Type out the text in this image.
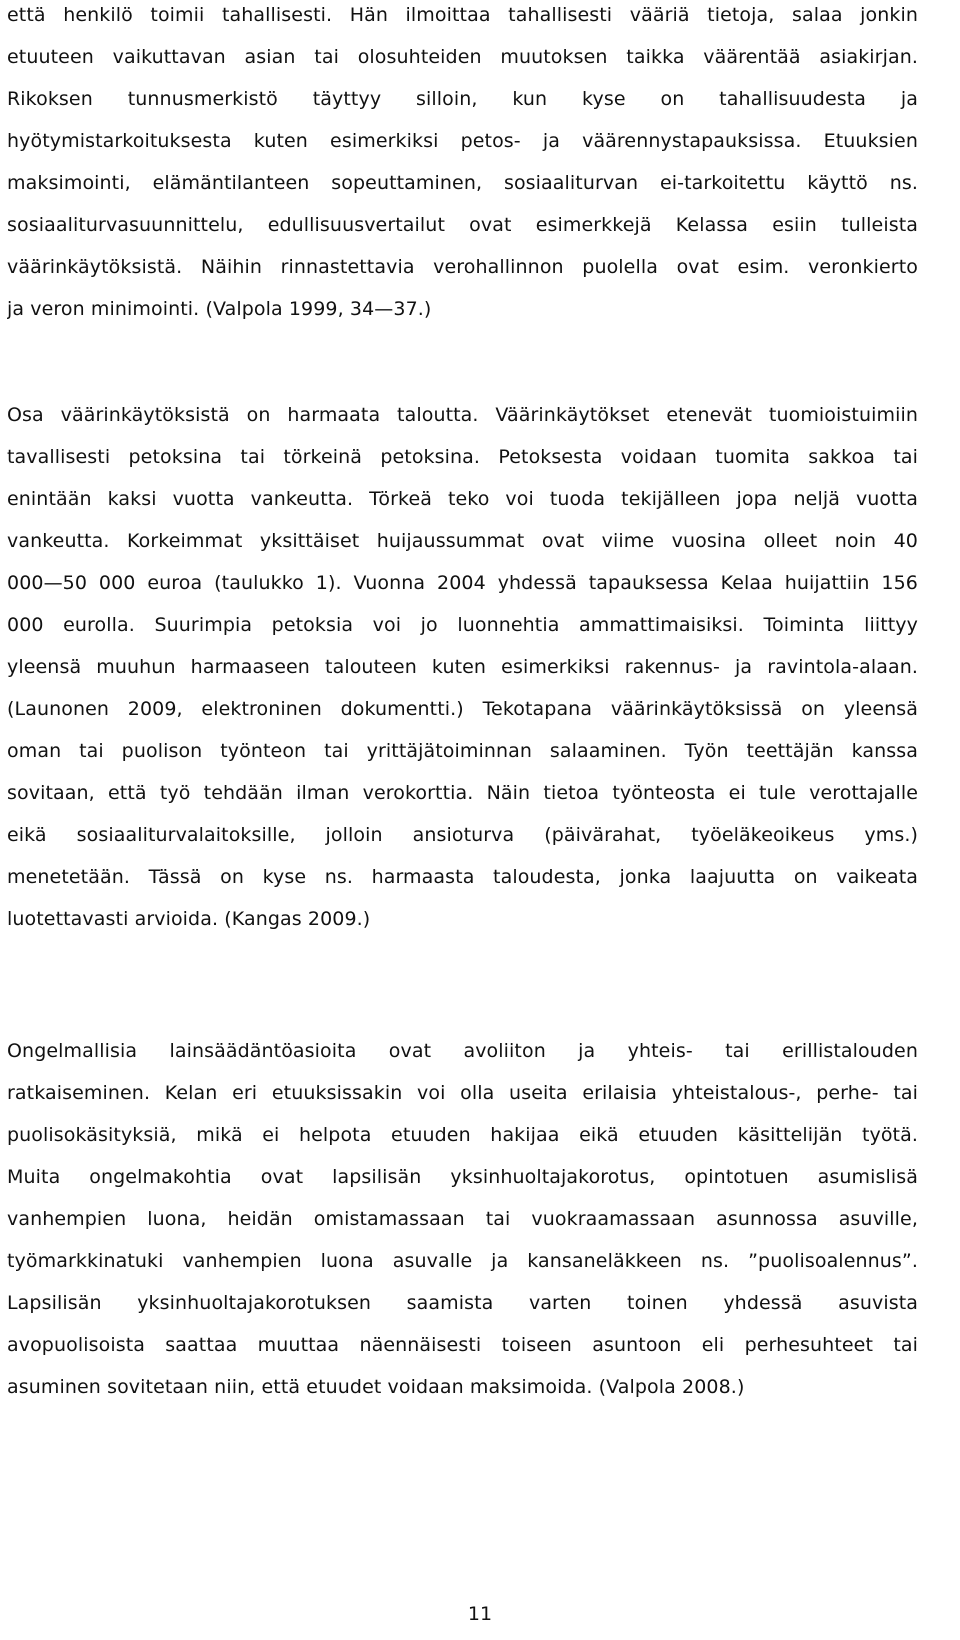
että henkilö toimii tahallisesti. Hän ilmoittaa tahallisesti vääriä tietoja, salaa jonkin
etuuteen vaikuttavan asian tai olosuhteiden muutoksen taikka väärentää asiakirjan.
Rikoksen tunnusmerkistö täyttyy silloin, kun kyse on tahallisuudesta ja
hyötymistarkoituksesta kuten esimerkiksi petos- ja väärennystapauksissa. Etuuksien
maksimointi, elämäntilanteen sopeuttaminen, sosiaaliturvan ei-tarkoitettu käyttö ns.
sosiaaliturvasuunnittelu, edullisuusvertailut ovat esimerkkejä Kelassa esiin tulleista
väärinkäytöksistä. Näihin rinnastettavia verohallinnon puolella ovat esim. veronkierto
ja veron minimointi. (Valpola 1999, 34—37.)
Osa väärinkäytöksistä on harmaata taloutta. Väärinkäytökset etenevät tuomioistuimiin
tavallisesti petoksina tai törkeinä petoksina. Petoksesta voidaan tuomita sakkoa tai
enintään kaksi vuotta vankeutta. Törkeä teko voi tuoda tekijälleen jopa neljä vuotta
vankeutta. Korkeimmat yksittäiset huijaussummat ovat viime vuosina olleet noin 40
000—50 000 euroa (taulukko 1). Vuonna 2004 yhdessä tapauksessa Kelaa huijattiin 156
000 eurolla. Suurimpia petoksia voi jo luonnehtia ammattimaisiksi. Toiminta liittyy
yleensä muuhun harmaaseen talouteen kuten esimerkiksi rakennus- ja ravintola-alaan.
(Launonen 2009, elektroninen dokumentti.) Tekotapana väärinkäytöksissä on yleensä
oman tai puolison työnteon tai yrittäjätoiminnan salaaminen. Työn teettäjän kanssa
sovitaan, että työ tehdään ilman verokorttia. Näin tietoa työnteosta ei tule verottajalle
eikä sosiaaliturvalaitoksille, jolloin ansioturva (päivärahat, työeläkeoikeus yms.)
menetetään. Tässä on kyse ns. harmaasta taloudesta, jonka laajuutta on vaikeata
luotettavasti arvioida. (Kangas 2009.)
Ongelmallisia lainsäädäntöasioita ovat avoliiton ja yhteis- tai erillistalouden
ratkaiseminen. Kelan eri etuuksissakin voi olla useita erilaisia yhteistalous-, perhe- tai
puolisokäsityksiä, mikä ei helpota etuuden hakijaa eikä etuuden käsittelijän työtä.
Muita ongelmakohtia ovat lapsilisän yksinhuoltajakorotus, opintotuen asumislisä
vanhempien luona, heidän omistamassaan tai vuokraamassaan asunnossa asuville,
työmarkkinatuki vanhempien luona asuvalle ja kansaneläkkeen ns. ”puolisoalennus”.
Lapsilisän yksinhuoltajakorotuksen saamista varten toinen yhdessä asuvista
avopuolisoista saattaa muuttaa näennäisesti toiseen asuntoon eli perhesuhteet tai
asuminen sovitetaan niin, että etuudet voidaan maksimoida. (Valpola 2008.)
11
